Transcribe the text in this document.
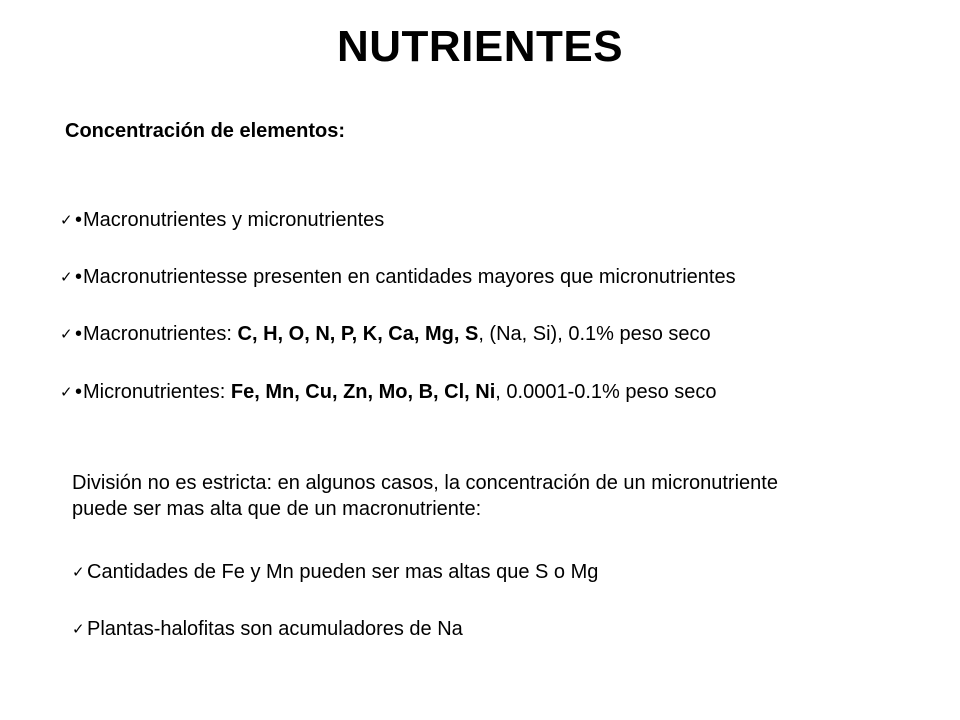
NUTRIENTES
Concentración de elementos:
✓ •Macronutrientes y micronutrientes
✓ •Macronutrientesse presenten en cantidades mayores que micronutrientes
✓ •Macronutrientes: C, H, O, N, P, K, Ca, Mg, S, (Na, Si), 0.1% peso seco
✓ •Micronutrientes: Fe, Mn, Cu, Zn, Mo, B, Cl, Ni, 0.0001-0.1% peso seco
División no es estricta: en algunos casos, la concentración de un micronutriente puede ser mas alta que de un macronutriente:
✓ Cantidades de Fe y Mn pueden ser mas altas que S o Mg
✓ Plantas-halofitas son acumuladores de Na
